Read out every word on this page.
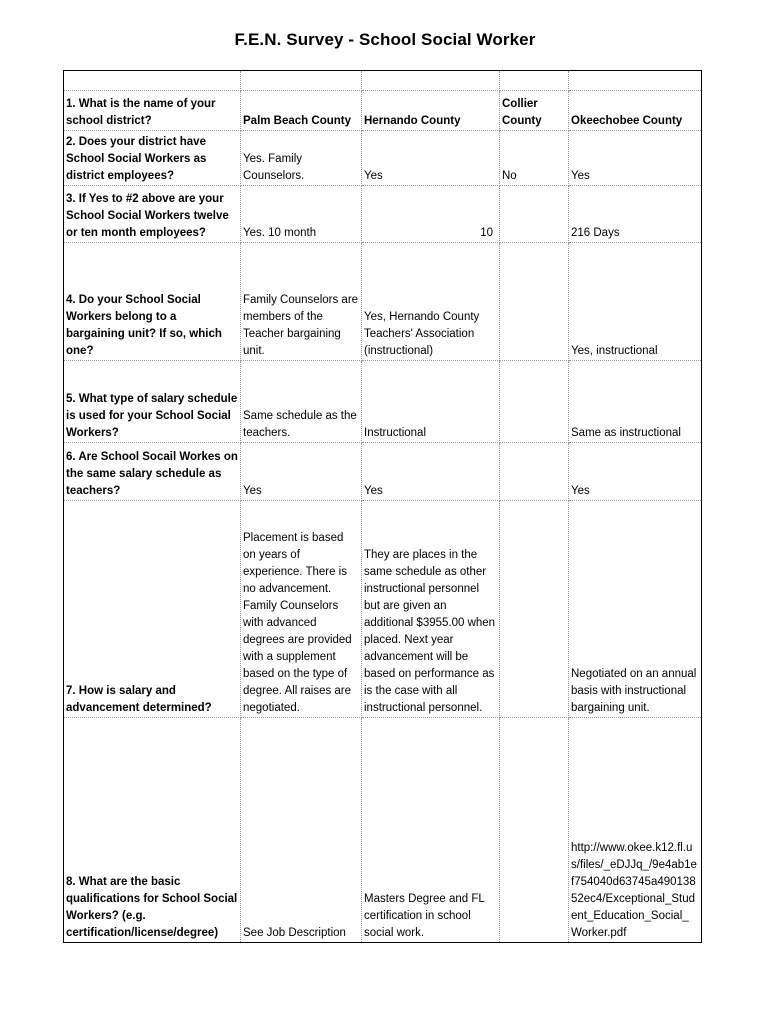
F.E.N. Survey - School Social Worker

1. What is the name of your school district?	Palm Beach County	Hernando County	Collier
County	Okeechobee County
2. Does your district have School Social Workers as district employees?	Yes. Family
Counselors.	Yes	No	Yes
3. If Yes to #2 above are your School Social Workers twelve or ten month employees?	Yes. 10 month	10		216 Days
4. Do your School Social Workers belong to a bargaining unit? If so, which one?	Family Counselors are members of the Teacher bargaining unit.	Yes, Hernando County Teachers' Association (instructional)		Yes, instructional
5. What type of salary schedule is used for your School Social Workers?	Same schedule as the teachers.	Instructional		Same as instructional
6. Are School Socail Workes on the same salary schedule as teachers?	Yes	Yes		Yes
7. How is salary and advancement determined?	Placement is based on years of experience. There is no advancement. Family Counselors with advanced degrees are provided with a supplement based on the type of degree. All raises are negotiated.	They are places in the same schedule as other instructional personnel but are given an additional $3955.00 when placed. Next year advancement will be based on performance as is the case with all instructional personnel.		Negotiated on an annual basis with instructional bargaining unit.
8. What are the basic qualifications for School Social Workers? (e.g. certification/license/degree)	See Job Description	Masters Degree and FL certification in school social work.		http://www.okee.k12.fl.us/files/_eDJJq_/9e4ab1ef754040d63745a49013852ec4/Exceptional_Student_Education_Social_Worker.pdf
